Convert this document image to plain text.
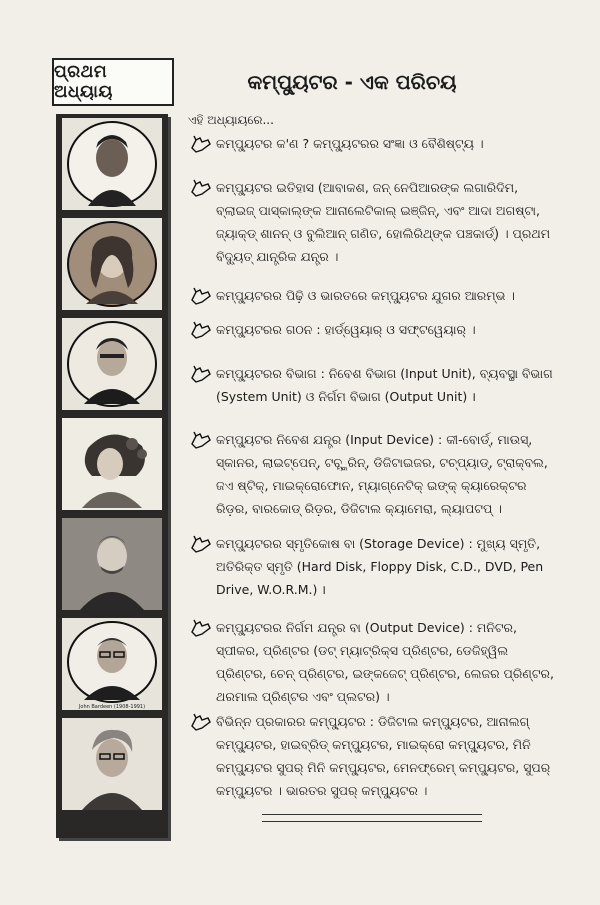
ପ୍ରଥମ ଅଧ୍ୟାୟ
John Bardeen (1908-1991)
କମ୍ପ୍ୟୁଟର - ଏକ ପରିଚୟ
ଏହି ଅଧ୍ୟାୟରେ...
କମ୍ପ୍ୟୁଟର କ'ଣ ? କମ୍ପ୍ୟୁଟରର ସଂଜ୍ଞା ଓ ବୈଶିଷ୍ଟ୍ୟ ।
କମ୍ପ୍ୟୁଟର ଇତିହାସ (ଆବାକଶ, ଜନ୍ ନେପିଆରଙ୍କ ଲଗାରିଦିମ, ବ୍ଲାଇଜ୍ ପାସ୍କାଲ୍ଙ୍କ ଆନାଲେଟିକାଲ୍ ଇଞ୍ଜିନ୍, ଏବଂ ଆଦା ଅଗଷ୍ଟା, ଜ୍ୟାକ୍ଡ୍ ଶାନନ୍ ଓ ବୁଲିଆନ୍ ଗଣିତ, ହୋଲିରିଥ୍ଙ୍କ ପଞ୍ଚକାର୍ଡ୍) । ପ୍ରଥମ ବିଦ୍ୟୁତ୍ ଯାନ୍ତ୍ରିକ ଯନ୍ତ୍ର ।
କମ୍ପ୍ୟୁଟରର ପିଢ଼ି ଓ ଭାରତରେ କମ୍ପ୍ୟୁଟର ଯୁଗର ଆରମ୍ଭ ।
କମ୍ପ୍ୟୁଟରର ଗଠନ : ହାର୍ଡ୍ୱେୟାର୍ ଓ ସଫ୍ଟୱେୟାର୍ ।
କମ୍ପ୍ୟୁଟରର ବିଭାଗ : ନିବେଶ ବିଭାଗ (Input Unit), ବ୍ୟବସ୍ଥା ବିଭାଗ (System Unit) ଓ ନିର୍ଗମ ବିଭାଗ (Output Unit) ।
କମ୍ପ୍ୟୁଟର ନିବେଶ ଯନ୍ତ୍ର (Input Device) : କୀ-ବୋର୍ଡ୍, ମାଉସ୍, ସ୍କାନର, ଲାଇଟ୍ପେନ୍, ଟଚ୍ସ୍କ୍ରିନ୍, ଡିଜିଟାଇଜର, ଟଚ୍ପ୍ୟାଡ୍, ଟ୍ରାକ୍ବଲ, ଜଏ ଷ୍ଟିକ୍, ମାଇକ୍ରୋଫୋନ, ମ୍ୟାଗ୍ନେଟିକ୍ ଇଙ୍କ୍ କ୍ୟାରେକ୍ଟର ରିଡ଼ର, ବାରକୋଡ୍ ରିଡ଼ର, ଡିଜିଟାଲ କ୍ୟାମେରା, ଲ୍ୟାପଟପ୍ ।
କମ୍ପ୍ୟୁଟରର ସ୍ମୃତିକୋଷ ବା (Storage Device) : ମୁଖ୍ୟ ସ୍ମୃତି, ଅତିରିକ୍ତ ସ୍ମୃତି (Hard Disk, Floppy Disk, C.D., DVD, Pen Drive, W.O.R.M.) ।
କମ୍ପ୍ୟୁଟରର ନିର୍ଗମ ଯନ୍ତ୍ର ବା (Output Device) : ମନିଟର, ସ୍ପୀକର, ପ୍ରିଣ୍ଟର (ଡଟ୍ ମ୍ୟାଟ୍ରିକ୍ସ ପ୍ରିଣ୍ଟର, ଡେଜିହ୍ୱିଲ ପ୍ରିଣ୍ଟର, ଚେନ୍ ପ୍ରିଣ୍ଟର, ଇଙ୍କଜେଟ୍ ପ୍ରିଣ୍ଟର, ଲେଜର ପ୍ରିଣ୍ଟର, ଥରମାଲ ପ୍ରିଣ୍ଟର ଏବଂ ପ୍ଲଟର) ।
ବିଭିନ୍ନ ପ୍ରକାରର କମ୍ପ୍ୟୁଟର : ଡିଜିଟାଲ କମ୍ପ୍ୟୁଟର, ଆନାଲଗ୍ କମ୍ପ୍ୟୁଟର, ହାଇବ୍ରିଡ୍ କମ୍ପ୍ୟୁଟର, ମାଇକ୍ରୋ କମ୍ପ୍ୟୁଟର, ମିନି କମ୍ପ୍ୟୁଟର ସୁପର୍ ମିନି କମ୍ପ୍ୟୁଟର, ମେନଫ୍ରେମ୍ କମ୍ପ୍ୟୁଟର, ସୁପର୍ କମ୍ପ୍ୟୁଟର । ଭାରତର ସୁପର୍ କମ୍ପ୍ୟୁଟର ।
